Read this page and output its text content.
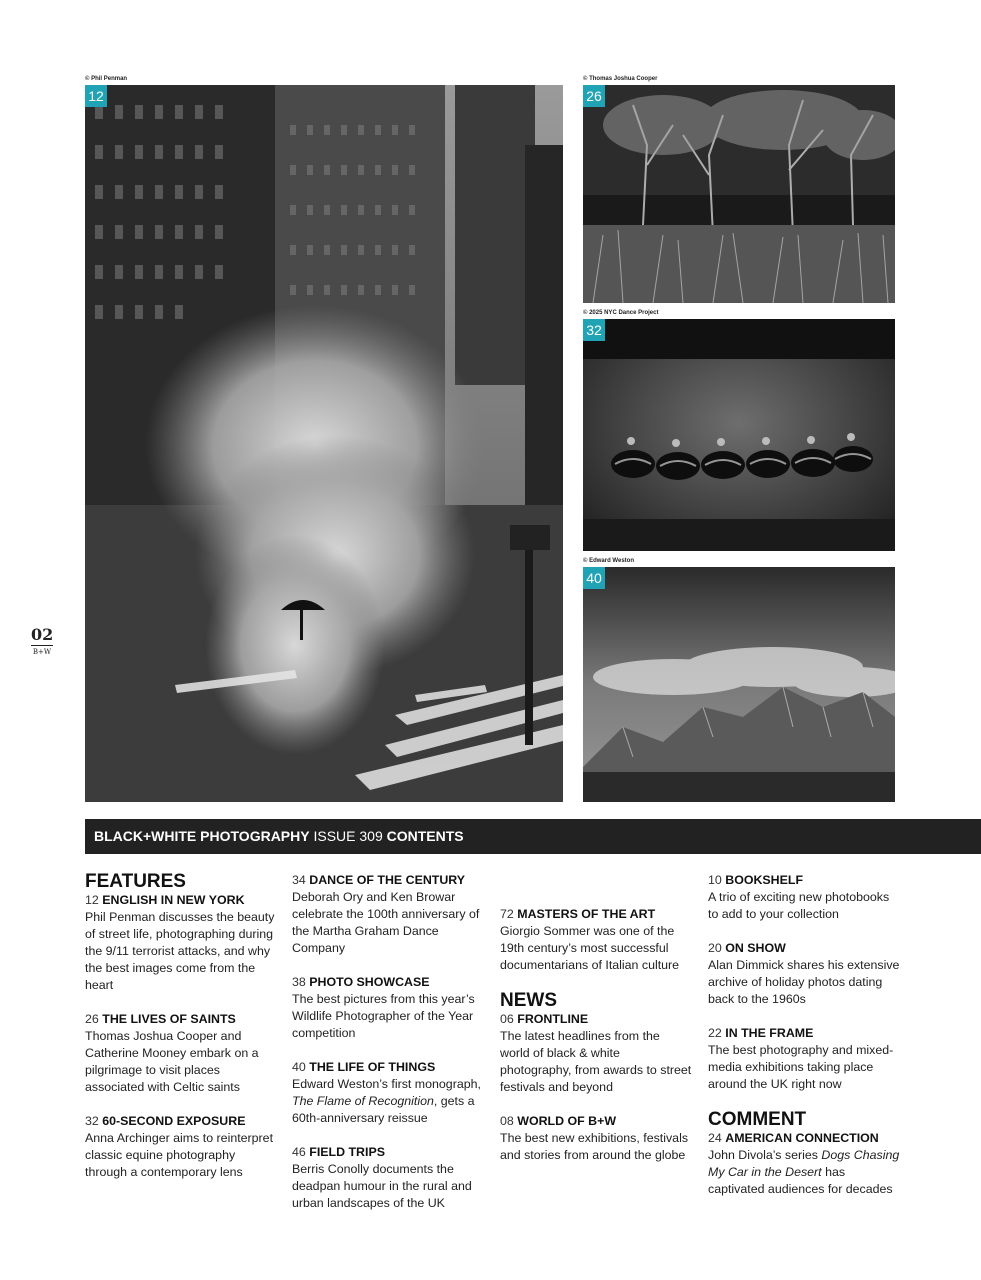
02
B+W
© Phil Penman
12
© Thomas Joshua Cooper
26
© 2025 NYC Dance Project
32
© Edward Weston
40
BLACK+WHITE PHOTOGRAPHY ISSUE 309 CONTENTS
FEATURES
12 ENGLISH IN NEW YORK
Phil Penman discusses the beauty of street life, photographing during the 9/11 terrorist attacks, and why the best images come from the heart
26 THE LIVES OF SAINTS
Thomas Joshua Cooper and Catherine Mooney embark on a pilgrimage to visit places associated with Celtic saints
32 60-SECOND EXPOSURE
Anna Archinger aims to reinterpret classic equine photography through a contemporary lens
34 DANCE OF THE CENTURY
Deborah Ory and Ken Browar celebrate the 100th anniversary of the Martha Graham Dance Company
38 PHOTO SHOWCASE
The best pictures from this year’s Wildlife Photographer of the Year competition
40 THE LIFE OF THINGS
Edward Weston’s first monograph, The Flame of Recognition, gets a 60th-anniversary reissue
46 FIELD TRIPS
Berris Conolly documents the deadpan humour in the rural and urban landscapes of the UK
72 MASTERS OF THE ART
Giorgio Sommer was one of the 19th century’s most successful documentarians of Italian culture
NEWS
06 FRONTLINE
The latest headlines from the world of black & white photography, from awards to street festivals and beyond
08 WORLD OF B+W
The best new exhibitions, festivals and stories from around the globe
10 BOOKSHELF
A trio of exciting new photobooks to add to your collection
20 ON SHOW
Alan Dimmick shares his extensive archive of holiday photos dating back to the 1960s
22 IN THE FRAME
The best photography and mixed-media exhibitions taking place around the UK right now
COMMENT
24 AMERICAN CONNECTION
John Divola’s series Dogs Chasing My Car in the Desert has captivated audiences for decades
